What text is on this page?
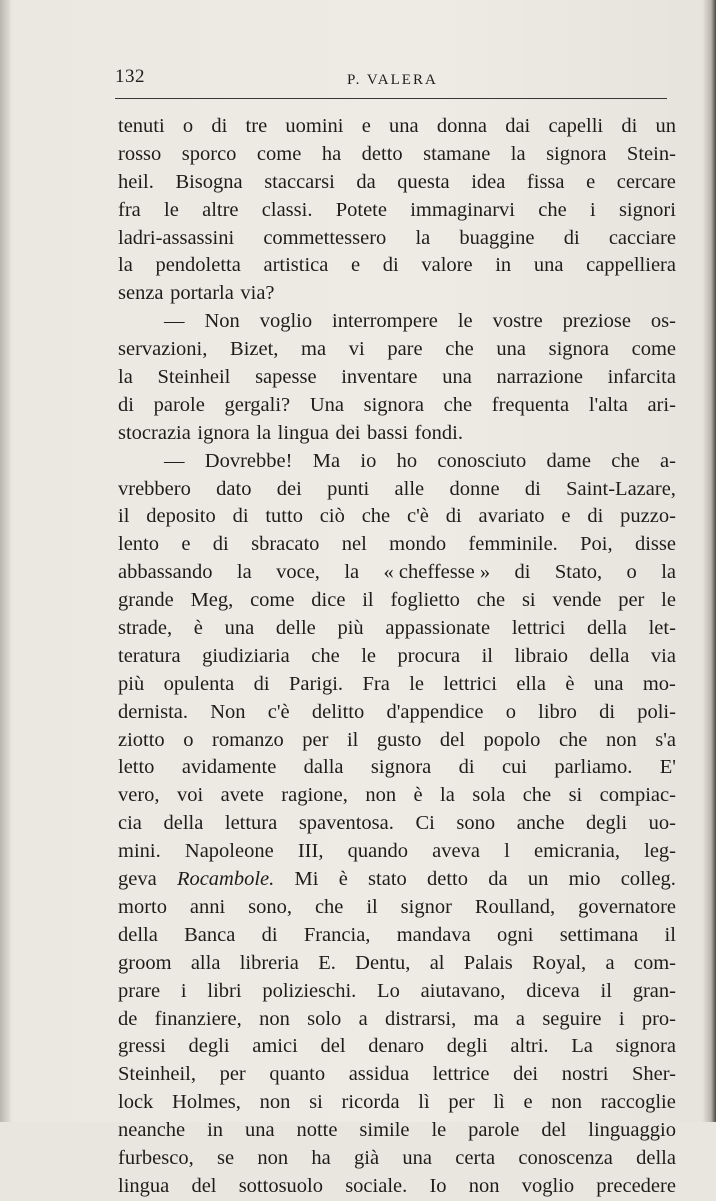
132	P. VALERA
tenuti o di tre uomini e una donna dai capelli di un
rosso sporco come ha detto stamane la signora Stein-
heil. Bisogna staccarsi da questa idea fissa e cercare
fra le altre classi. Potete immaginarvi che i signori
ladri-assassini commettessero la buaggine di cacciare
la pendoletta artistica e di valore in una cappelliera
senza portarla via?
— Non voglio interrompere le vostre preziose os-
servazioni, Bizet, ma vi pare che una signora come
la Steinheil sapesse inventare una narrazione infarcita
di parole gergali? Una signora che frequenta l'alta ari-
stocrazia ignora la lingua dei bassi fondi.
— Dovrebbe! Ma io ho conosciuto dame che a-
vrebbero dato dei punti alle donne di Saint-Lazare,
il deposito di tutto ciò che c'è di avariato e di puzzo-
lento e di sbracato nel mondo femminile. Poi, disse
abbassando la voce, la « cheffesse » di Stato, o la
grande Meg, come dice il foglietto che si vende per le
strade, è una delle più appassionate lettrici della let-
teratura giudiziaria che le procura il libraio della via
più opulenta di Parigi. Fra le lettrici ella è una mo-
dernista. Non c'è delitto d'appendice o libro di poli-
ziotto o romanzo per il gusto del popolo che non s'a
letto avidamente dalla signora di cui parliamo. E'
vero, voi avete ragione, non è la sola che si compiac-
cia della lettura spaventosa. Ci sono anche degli uo-
mini. Napoleone III, quando aveva l emicrania, leg-
geva Rocambole. Mi è stato detto da un mio colleg.
morto anni sono, che il signor Roulland, governatore
della Banca di Francia, mandava ogni settimana il
groom alla libreria E. Dentu, al Palais Royal, a com-
prare i libri polizieschi. Lo aiutavano, diceva il gran-
de finanziere, non solo a distrarsi, ma a seguire i pro-
gressi degli amici del denaro degli altri. La signora
Steinheil, per quanto assidua lettrice dei nostri Sher-
lock Holmes, non si ricorda lì per lì e non raccoglie
neanche in una notte simile le parole del linguaggio
furbesco, se non ha già una certa conoscenza della
lingua del sottosuolo sociale. Io non voglio precedere
